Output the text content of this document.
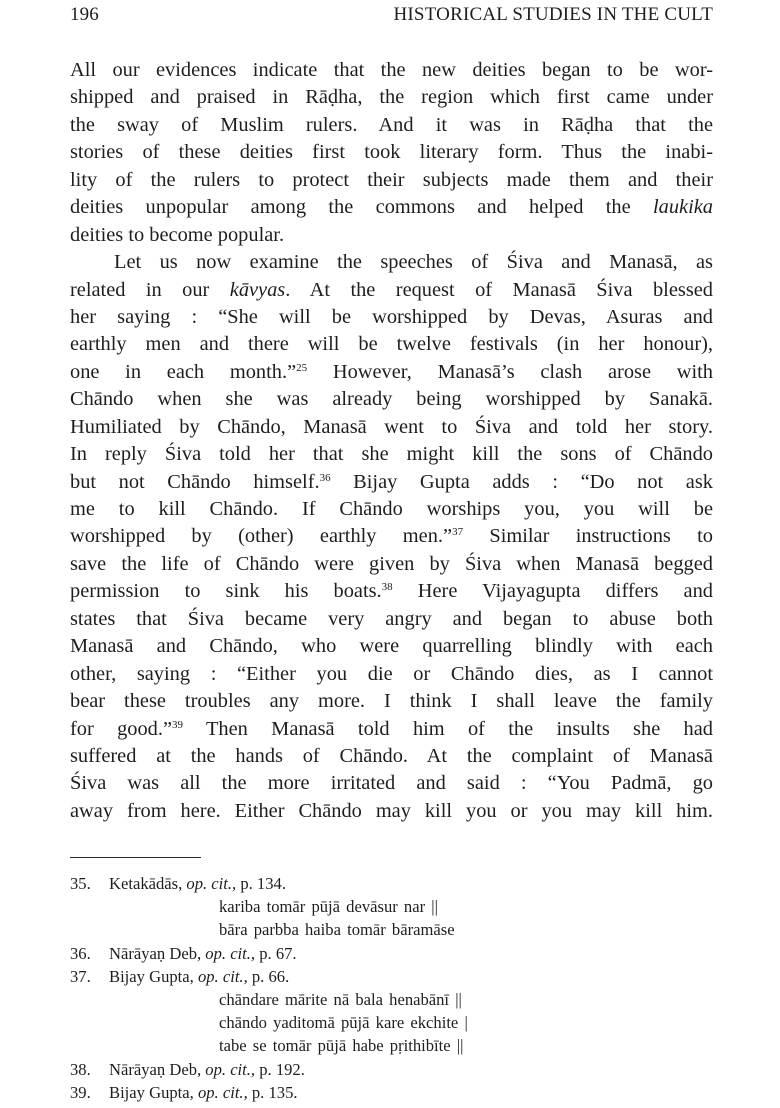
196	HISTORICAL STUDIES IN THE CULT
All our evidences indicate that the new deities began to be wor-
shipped and praised in Rāḍha, the region which first came under
the sway of Muslim rulers. And it was in Rāḍha that the
stories of these deities first took literary form. Thus the inabi-
lity of the rulers to protect their subjects made them and their
deities unpopular among the commons and helped the laukika
deities to become popular.
Let us now examine the speeches of Śiva and Manasā, as
related in our kāvyas. At the request of Manasā Śiva blessed
her saying : “She will be worshipped by Devas, Asuras and
earthly men and there will be twelve festivals (in her honour),
one in each month.”$^{25}$ However, Manasā’s clash arose with
Chāndo when she was already being worshipped by Sanakā.
Humiliated by Chāndo, Manasā went to Śiva and told her story.
In reply Śiva told her that she might kill the sons of Chāndo
but not Chāndo himself.$^{36}$ Bijay Gupta adds : “Do not ask
me to kill Chāndo. If Chāndo worships you, you will be
worshipped by (other) earthly men.”$^{37}$ Similar instructions to
save the life of Chāndo were given by Śiva when Manasā begged
permission to sink his boats.$^{38}$ Here Vijayagupta differs and
states that Śiva became very angry and began to abuse both
Manasā and Chāndo, who were quarrelling blindly with each
other, saying : “Either you die or Chāndo dies, as I cannot
bear these troubles any more. I think I shall leave the family
for good.”$^{39}$ Then Manasā told him of the insults she had
suffered at the hands of Chāndo. At the complaint of Manasā
Śiva was all the more irritated and said : “You Padmā, go
away from here. Either Chāndo may kill you or you may kill him.
35. Ketakādās, op. cit., p. 134.
kariba tomār pūjā devāsur nar ||
bāra parbba haiba tomār bāramāse
36. Nārāyaṇ Deb, op. cit., p. 67.
37. Bijay Gupta, op. cit., p. 66.
chāndare mārite nā bala henabānī ||
chāndo yaditomā pūjā kare ekchite |
tabe se tomār pūjā habe pṛithibīte ||
38. Nārāyaṇ Deb, op. cit., p. 192.
39. Bijay Gupta, op. cit., p. 135.
